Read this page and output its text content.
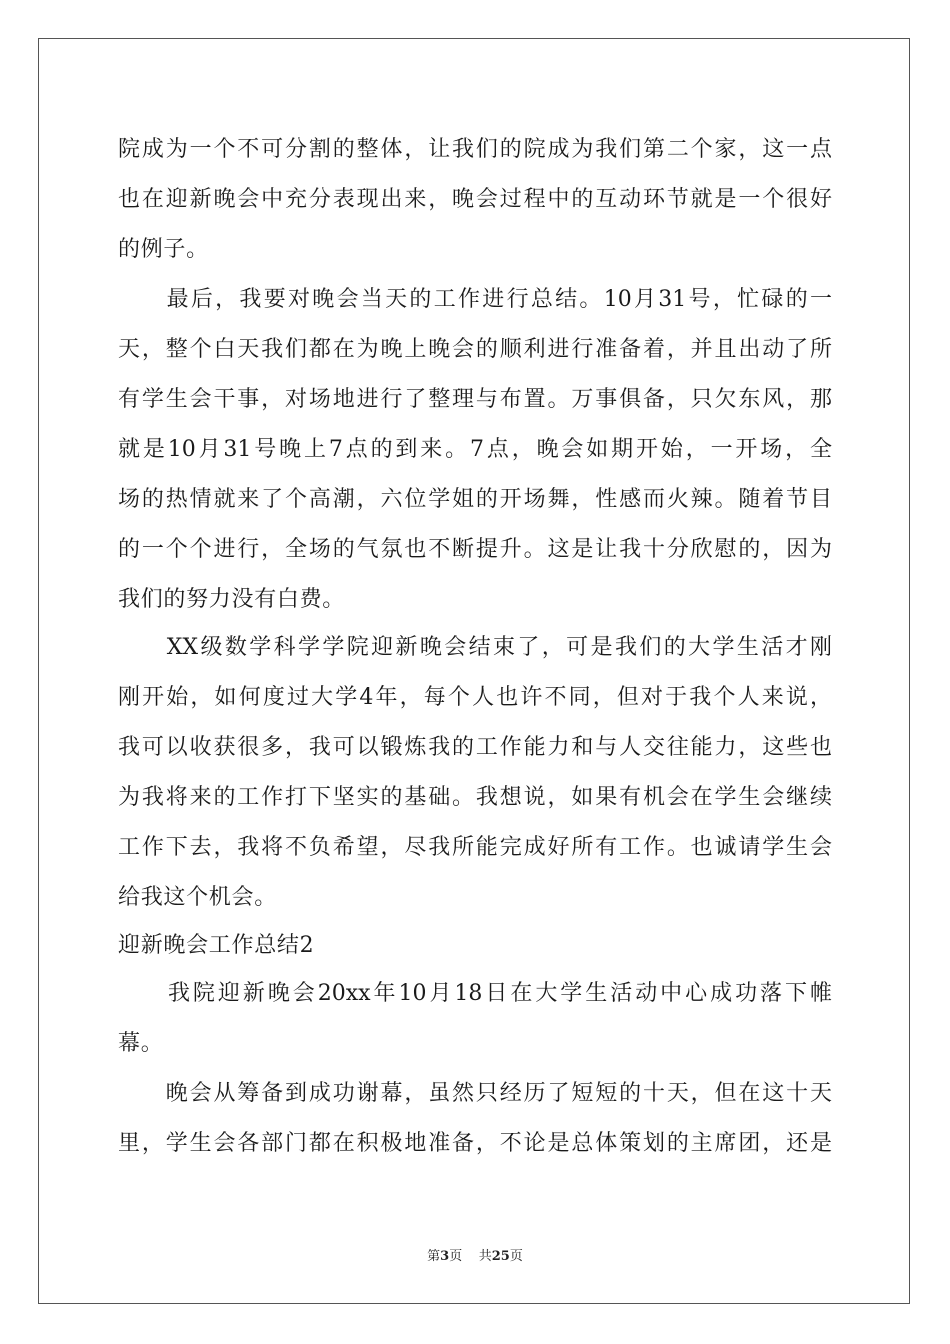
院成为一个不可分割的整体，让我们的院成为我们第二个家，这一点
也在迎新晚会中充分表现出来，晚会过程中的互动环节就是一个很好
的例子。
　　最后，我要对晚会当天的工作进行总结。10月31号，忙碌的一
天，整个白天我们都在为晚上晚会的顺利进行准备着，并且出动了所
有学生会干事，对场地进行了整理与布置。万事俱备，只欠东风，那
就是10月31号晚上7点的到来。7点，晚会如期开始，一开场，全
场的热情就来了个高潮，六位学姐的开场舞，性感而火辣。随着节目
的一个个进行，全场的气氛也不断提升。这是让我十分欣慰的，因为
我们的努力没有白费。
　　XX级数学科学学院迎新晚会结束了，可是我们的大学生活才刚
刚开始，如何度过大学4年，每个人也许不同，但对于我个人来说，
我可以收获很多，我可以锻炼我的工作能力和与人交往能力，这些也
为我将来的工作打下坚实的基础。我想说，如果有机会在学生会继续
工作下去，我将不负希望，尽我所能完成好所有工作。也诚请学生会
给我这个机会。
迎新晚会工作总结2
　　我院迎新晚会20xx年10月18日在大学生活动中心成功落下帷
幕。
　　晚会从筹备到成功谢幕，虽然只经历了短短的十天，但在这十天
里，学生会各部门都在积极地准备，不论是总体策划的主席团，还是
第3页 共25页
